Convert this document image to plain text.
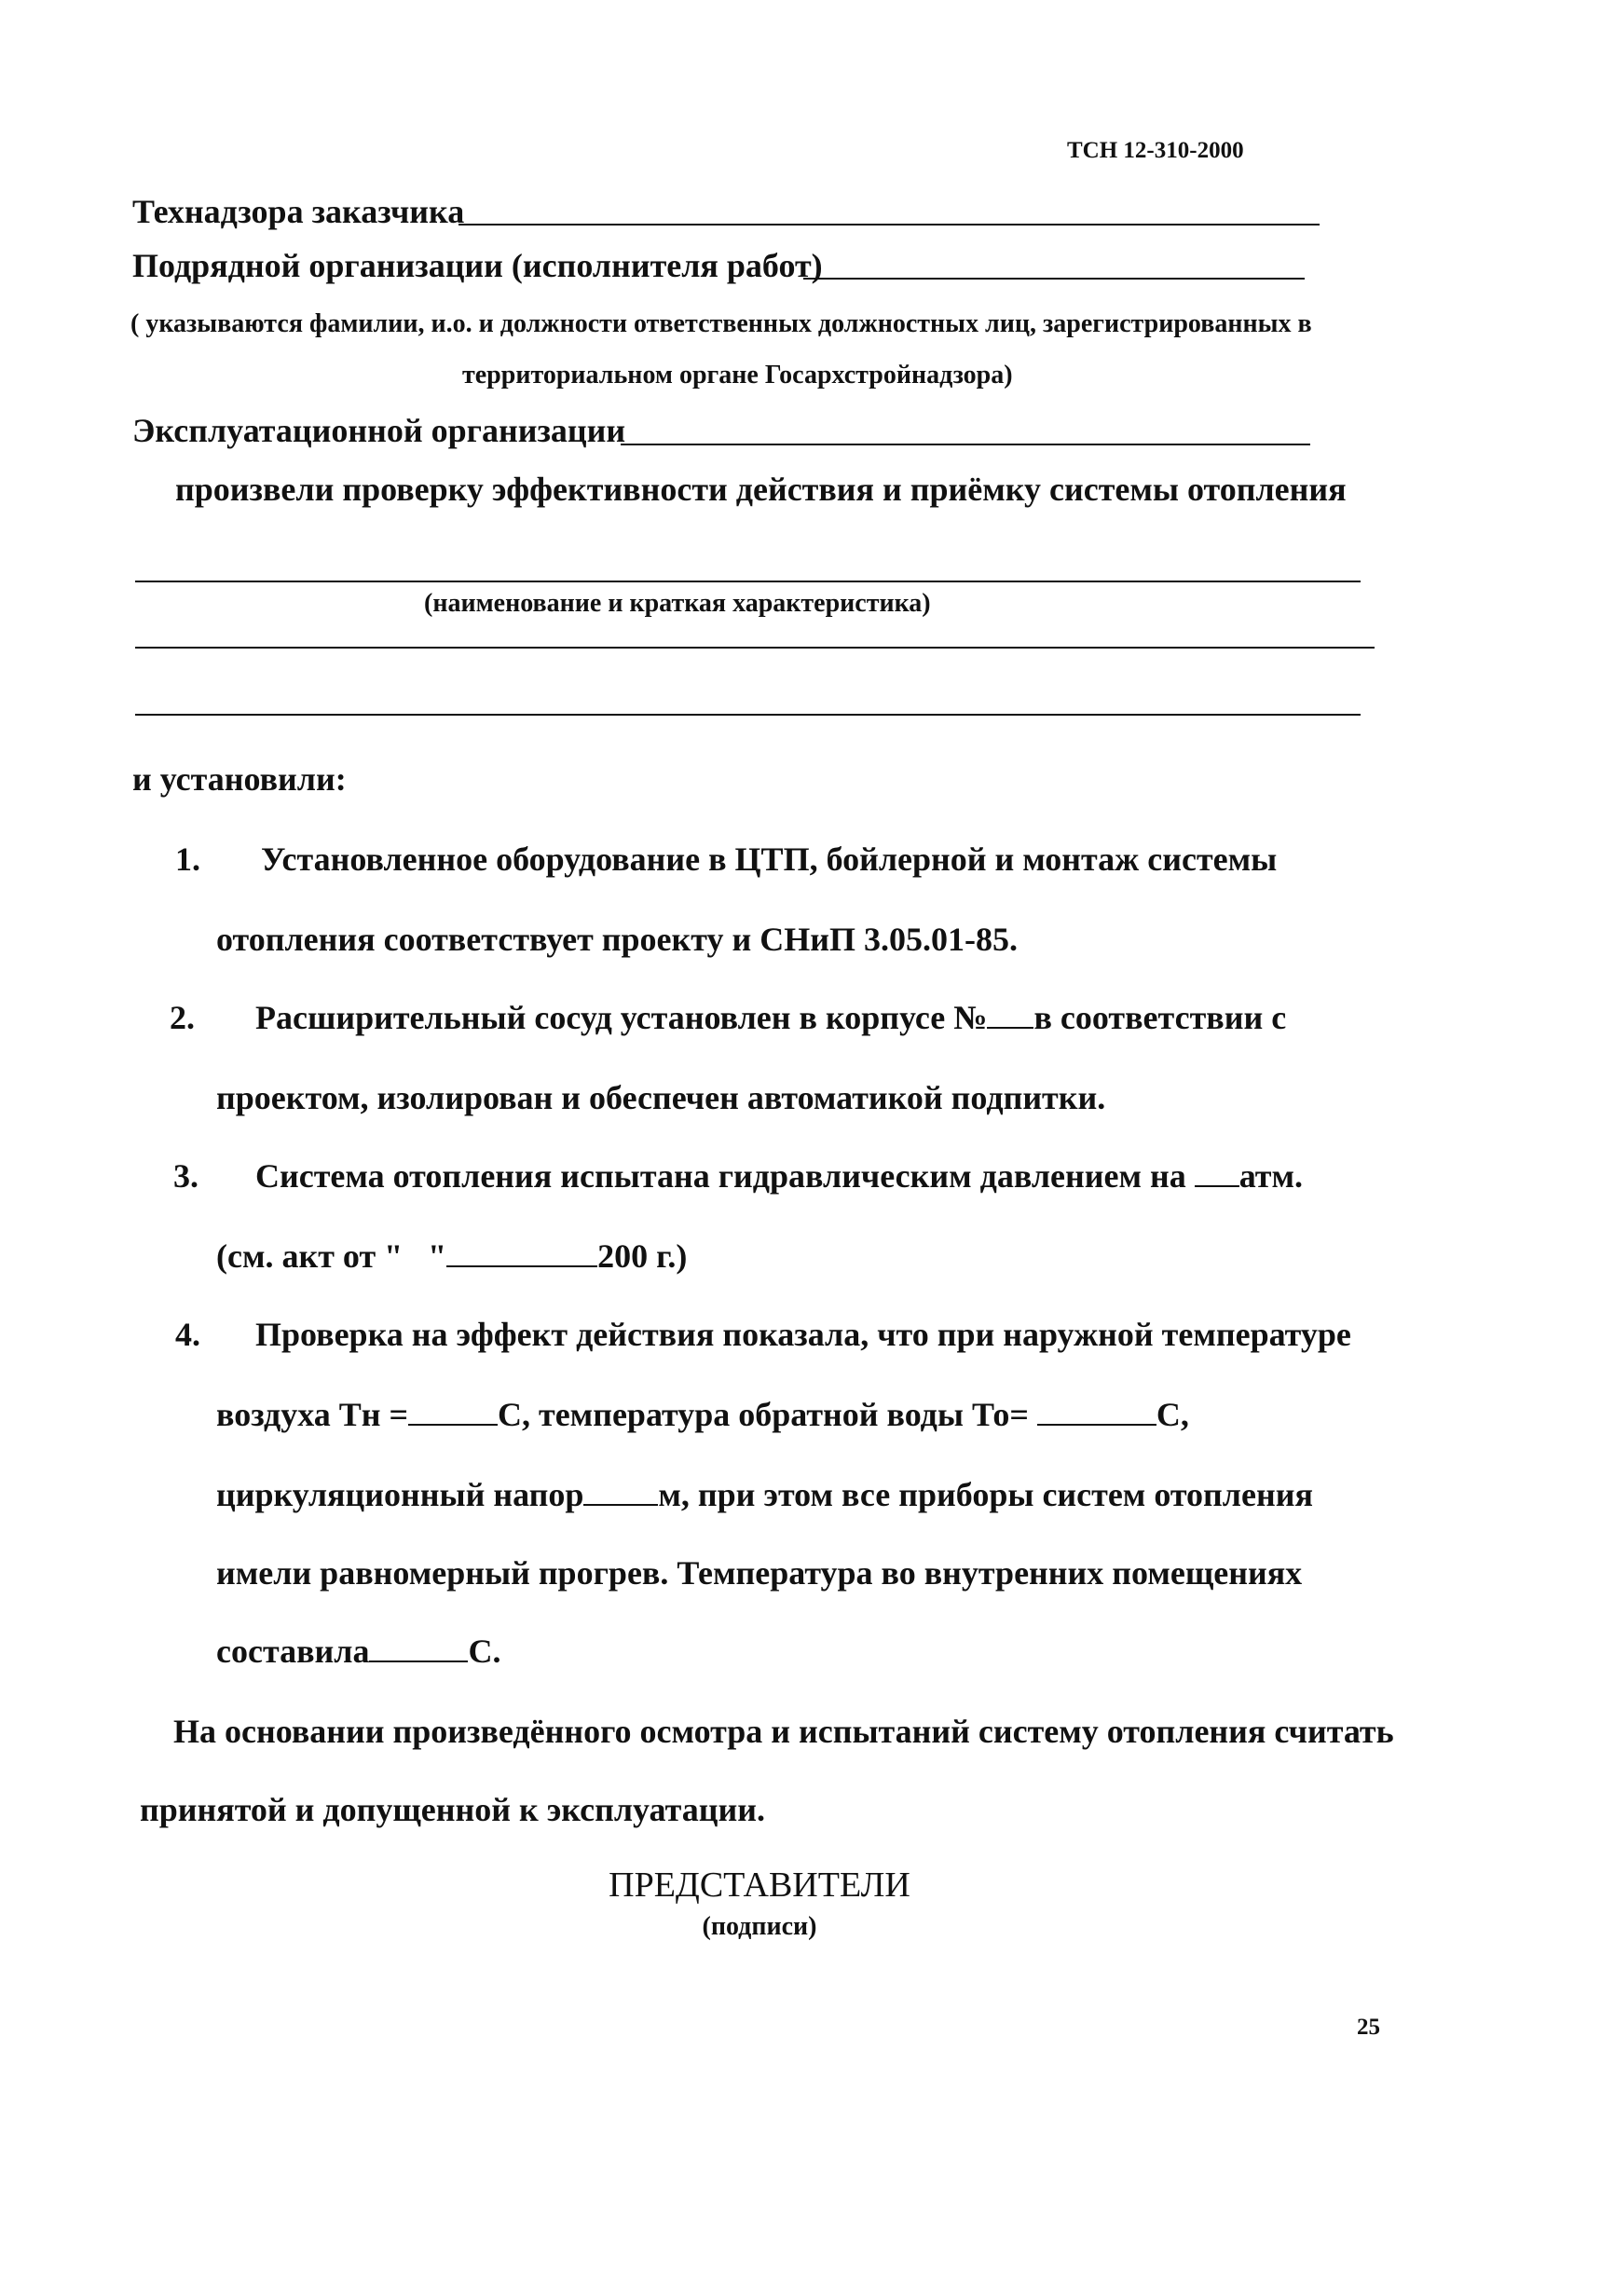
ТСН 12-310-2000
Технадзора заказчика
Подрядной организации (исполнителя работ)
( указываются фамилии, и.о. и должности ответственных должностных лиц, зарегистрированных в
территориальном органе Госархстройнадзора)
Эксплуатационной организации
произвели проверку эффективности действия и приёмку системы отопления
(наименование и краткая характеристика)
и установили:
1. Установленное оборудование в ЦТП, бойлерной и монтаж системы
отопления соответствует проекту и СНиП 3.05.01-85.
2. Расширительный сосуд установлен в корпусе № в соответствии с
проектом, изолирован и обеспечен автоматикой подпитки.
3. Система отопления испытана гидравлическим давлением на атм.
(см. акт от "   "	200 г.)
4. Проверка на эффект действия показала, что при наружной температуре
воздуха Тн =	С, температура обратной воды То=	С,
циркуляционный напор м, при этом все приборы систем отопления
имели равномерный прогрев. Температура во внутренних помещениях
составила	С.
На основании произведённого осмотра и испытаний систему отопления считать
принятой и допущенной к эксплуатации.
ПРЕДСТАВИТЕЛИ
(подписи)
25
